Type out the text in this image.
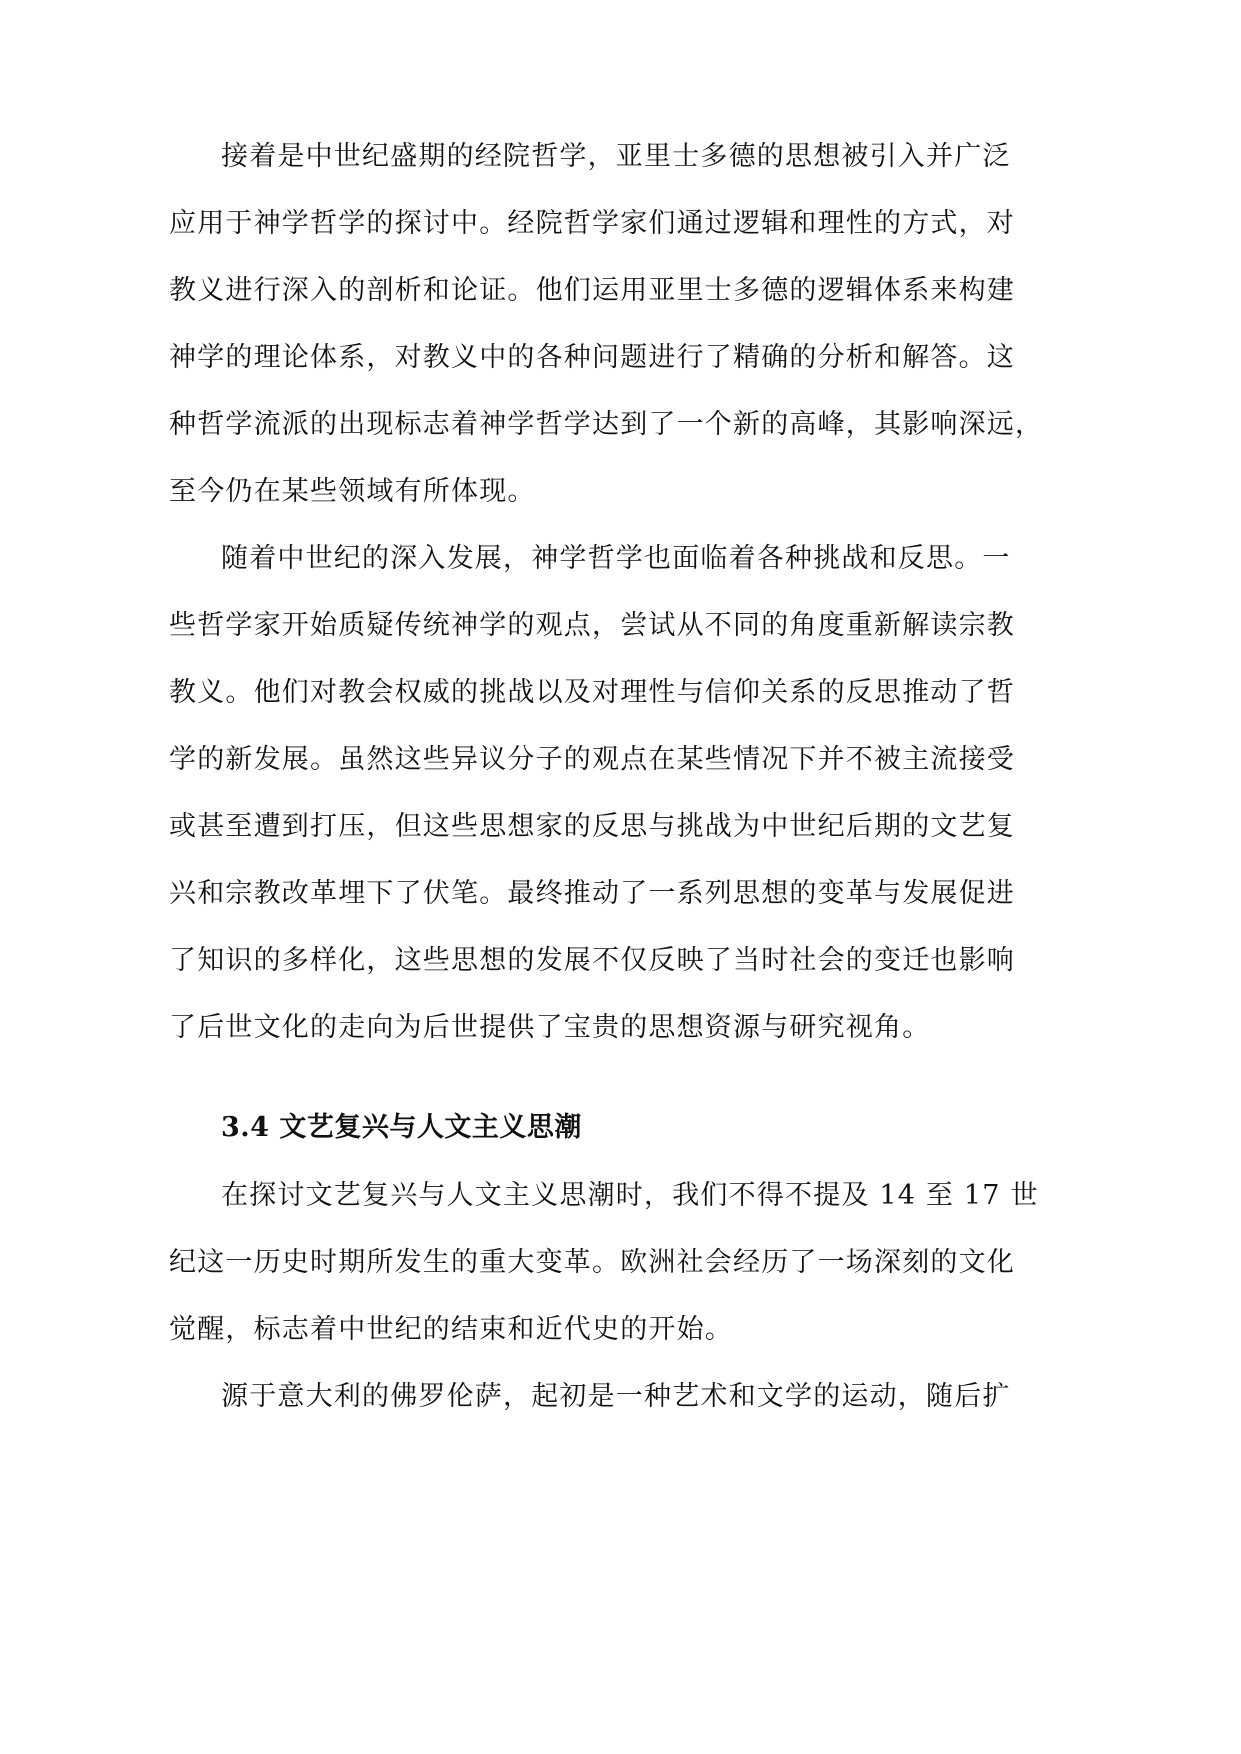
接着是中世纪盛期的经院哲学，亚里士多德的思想被引入并广泛
应用于神学哲学的探讨中。经院哲学家们通过逻辑和理性的方式，对
教义进行深入的剖析和论证。他们运用亚里士多德的逻辑体系来构建
神学的理论体系，对教义中的各种问题进行了精确的分析和解答。这
种哲学流派的出现标志着神学哲学达到了一个新的高峰，其影响深远，
至今仍在某些领域有所体现。
随着中世纪的深入发展，神学哲学也面临着各种挑战和反思。一
些哲学家开始质疑传统神学的观点，尝试从不同的角度重新解读宗教
教义。他们对教会权威的挑战以及对理性与信仰关系的反思推动了哲
学的新发展。虽然这些异议分子的观点在某些情况下并不被主流接受
或甚至遭到打压，但这些思想家的反思与挑战为中世纪后期的文艺复
兴和宗教改革埋下了伏笔。最终推动了一系列思想的变革与发展促进
了知识的多样化，这些思想的发展不仅反映了当时社会的变迁也影响
了后世文化的走向为后世提供了宝贵的思想资源与研究视角。
3.4 文艺复兴与人文主义思潮
在探讨文艺复兴与人文主义思潮时，我们不得不提及 14 至 17 世
纪这一历史时期所发生的重大变革。欧洲社会经历了一场深刻的文化
觉醒，标志着中世纪的结束和近代史的开始。
源于意大利的佛罗伦萨，起初是一种艺术和文学的运动，随后扩
